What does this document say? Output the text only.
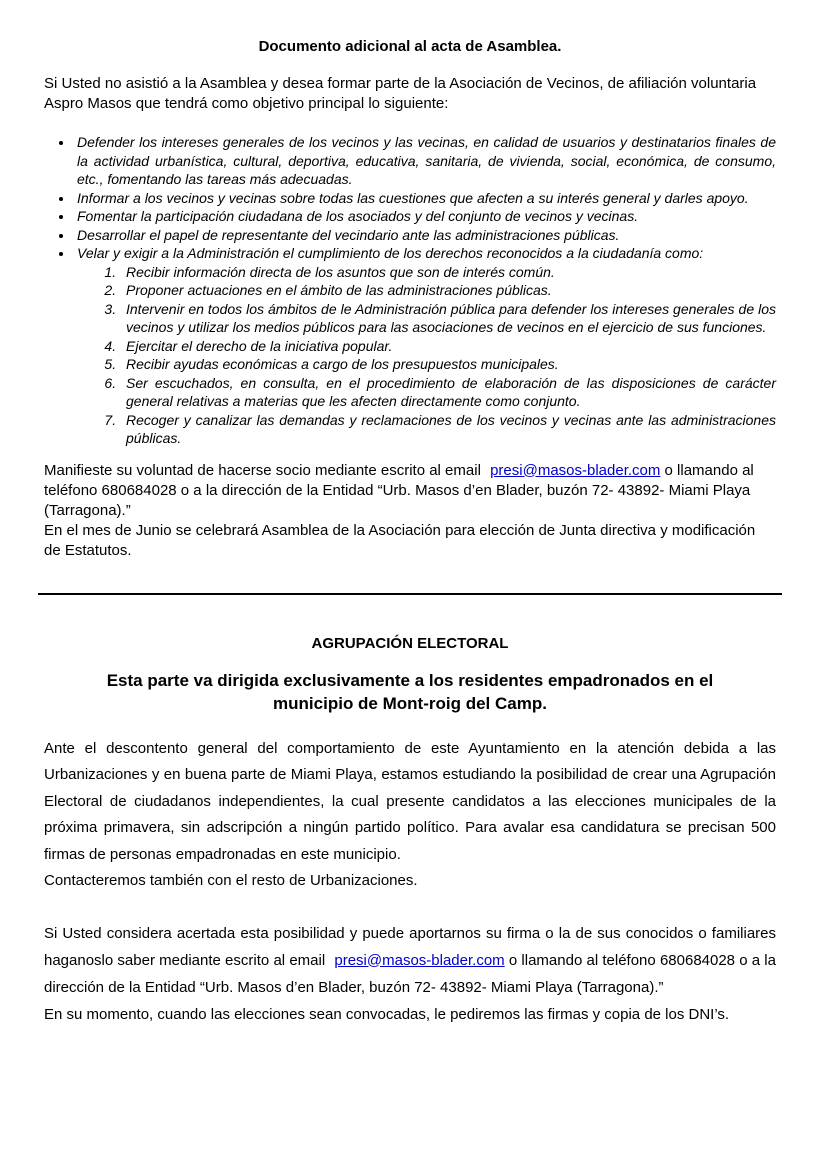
Documento adicional al acta de Asamblea.

Si Usted no asistió a la Asamblea y desea formar parte de la Asociación de Vecinos, de afiliación voluntaria Aspro Masos que tendrá como objetivo principal lo siguiente:

• Defender los intereses generales de los vecinos y las vecinas, en calidad de usuarios y destinatarios finales de la actividad urbanística, cultural, deportiva, educativa, sanitaria, de vivienda, social, económica, de consumo, etc., fomentando las tareas más adecuadas.
• Informar a los vecinos y vecinas sobre todas las cuestiones que afecten a su interés general y darles apoyo.
• Fomentar la participación ciudadana de los asociados y del conjunto de vecinos y vecinas.
• Desarrollar el papel de representante del vecindario ante las administraciones públicas.
• Velar y exigir a la Administración el cumplimiento de los derechos reconocidos a la ciudadanía como:
1. Recibir información directa de los asuntos que son de interés común.
2. Proponer actuaciones en el ámbito de las administraciones públicas.
3. Intervenir en todos los ámbitos de le Administración pública para defender los intereses generales de los vecinos y utilizar los medios públicos para las asociaciones de vecinos en el ejercicio de sus funciones.
4. Ejercitar el derecho de la iniciativa popular.
5. Recibir ayudas económicas a cargo de los presupuestos municipales.
6. Ser escuchados, en consulta, en el procedimiento de elaboración de las disposiciones de carácter general relativas a materias que les afecten directamente como conjunto.
7. Recoger y canalizar las demandas y reclamaciones de los vecinos y vecinas ante las administraciones públicas.

Manifieste su voluntad de hacerse socio mediante escrito al email presi@masos-blader.com o llamando al teléfono 680684028 o a la dirección de la Entidad “Urb. Masos d’en Blader, buzón 72- 43892- Miami Playa (Tarragona).”

En el mes de Junio se celebrará Asamblea de la Asociación para elección de Junta directiva y modificación de Estatutos.

AGRUPACIÓN ELECTORAL
Esta parte va dirigida exclusivamente a los residentes empadronados en el municipio de Mont-roig del Camp.

Ante el descontento general del comportamiento de este Ayuntamiento en la atención debida a las Urbanizaciones y en buena parte de Miami Playa, estamos estudiando la posibilidad de crear una Agrupación Electoral de ciudadanos independientes, la cual presente candidatos a las elecciones municipales de la próxima primavera, sin adscripción a ningún partido político. Para avalar esa candidatura se precisan 500 firmas de personas empadronadas en este municipio.

Contacteremos también con el resto de Urbanizaciones.

Si Usted considera acertada esta posibilidad y puede aportarnos su firma o la de sus conocidos o familiares haganoslo saber mediante escrito al email presi@masos-blader.com o llamando al teléfono 680684028 o a la dirección de la Entidad “Urb. Masos d’en Blader, buzón 72- 43892- Miami Playa (Tarragona).”

En su momento, cuando las elecciones sean convocadas, le pediremos las firmas y copia de los DNI’s.
